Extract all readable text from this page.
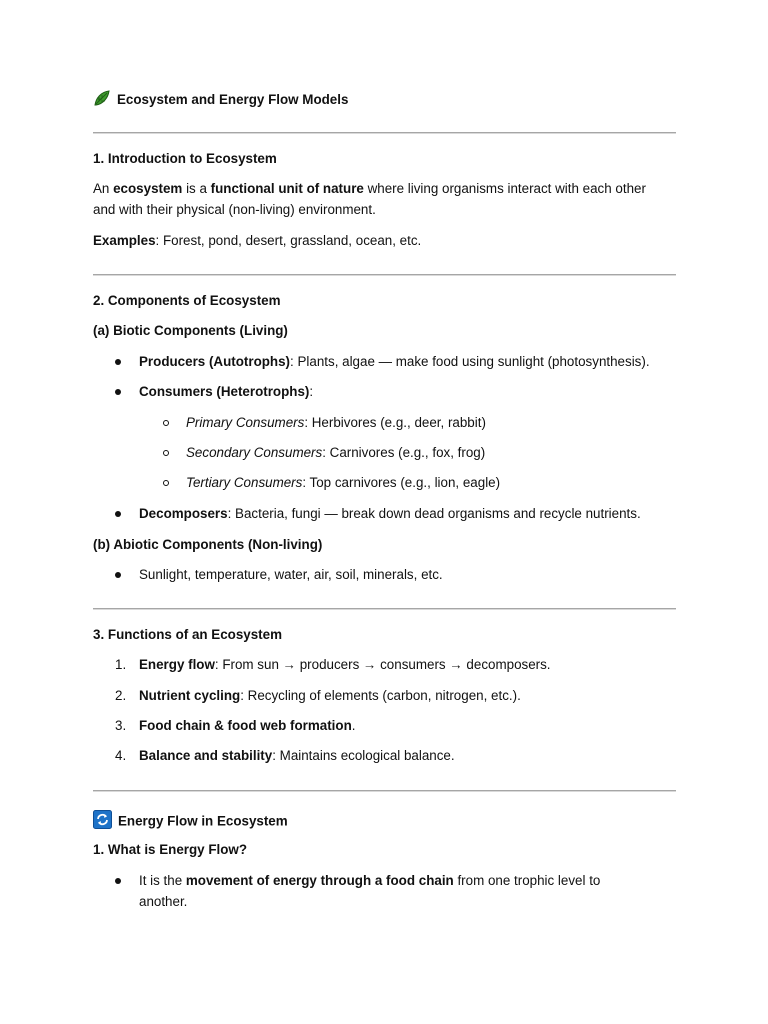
Ecosystem and Energy Flow Models
1. Introduction to Ecosystem
An ecosystem is a functional unit of nature where living organisms interact with each other
and with their physical (non-living) environment.
Examples: Forest, pond, desert, grassland, ocean, etc.
2. Components of Ecosystem
(a) Biotic Components (Living)
Producers (Autotrophs): Plants, algae — make food using sunlight (photosynthesis).
Consumers (Heterotrophs):
Primary Consumers: Herbivores (e.g., deer, rabbit)
Secondary Consumers: Carnivores (e.g., fox, frog)
Tertiary Consumers: Top carnivores (e.g., lion, eagle)
Decomposers: Bacteria, fungi — break down dead organisms and recycle nutrients.
(b) Abiotic Components (Non-living)
Sunlight, temperature, water, air, soil, minerals, etc.
3. Functions of an Ecosystem
1. Energy flow: From sun → producers → consumers → decomposers.
2. Nutrient cycling: Recycling of elements (carbon, nitrogen, etc.).
3. Food chain & food web formation.
4. Balance and stability: Maintains ecological balance.
Energy Flow in Ecosystem
1. What is Energy Flow?
It is the movement of energy through a food chain from one trophic level to
another.
